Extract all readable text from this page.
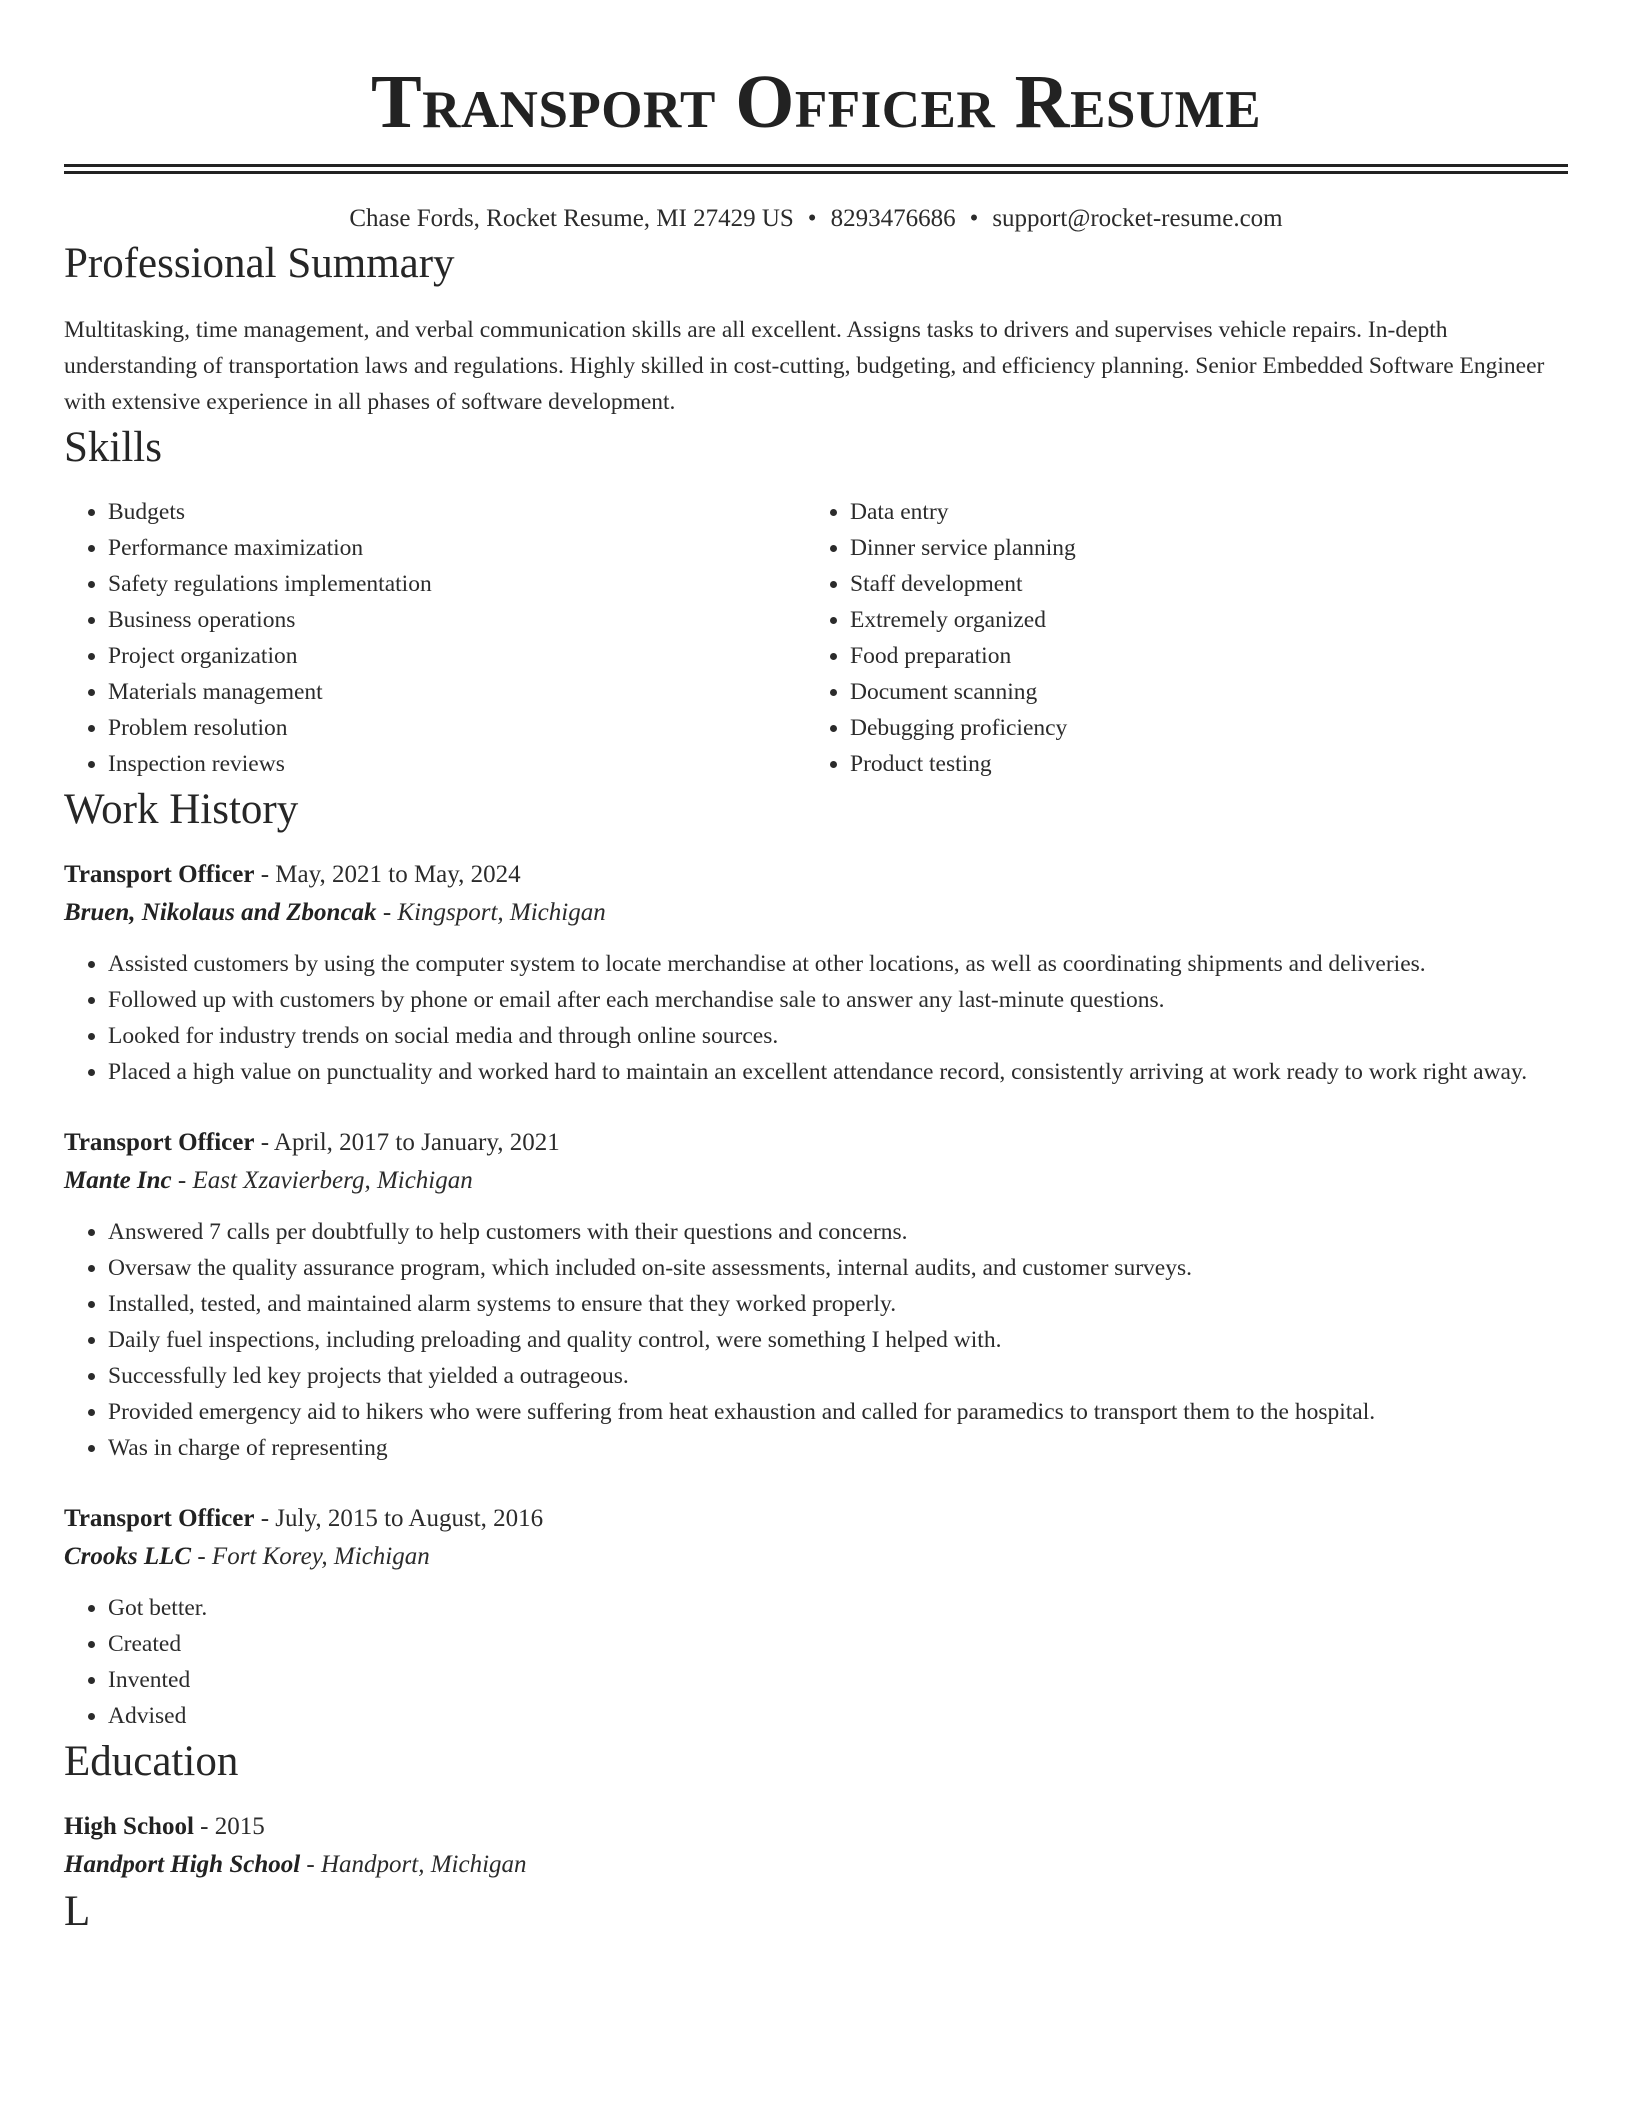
Transport Officer Resume
Chase Fords, Rocket Resume, MI 27429 US • 8293476686 • support@rocket-resume.com
Professional Summary

Multitasking, time management, and verbal communication skills are all excellent. Assigns tasks to drivers and supervises vehicle repairs. In-depth understanding of transportation laws and regulations. Highly skilled in cost-cutting, budgeting, and efficiency planning. Senior Embedded Software Engineer with extensive experience in all phases of software development.

Skills
• Budgets
• Performance maximization
• Safety regulations implementation
• Business operations
• Project organization
• Materials management
• Problem resolution
• Inspection reviews
• Data entry
• Dinner service planning
• Staff development
• Extremely organized
• Food preparation
• Document scanning
• Debugging proficiency
• Product testing
Work History
Transport Officer - May, 2021 to May, 2024
Bruen, Nikolaus and Zboncak - Kingsport, Michigan
• Assisted customers by using the computer system to locate merchandise at other locations, as well as coordinating shipments and deliveries.
• Followed up with customers by phone or email after each merchandise sale to answer any last-minute questions.
• Looked for industry trends on social media and through online sources.
• Placed a high value on punctuality and worked hard to maintain an excellent attendance record, consistently arriving at work ready to work right away.
Transport Officer - April, 2017 to January, 2021
Mante Inc - East Xzavierberg, Michigan
• Answered 7 calls per doubtfully to help customers with their questions and concerns.
• Oversaw the quality assurance program, which included on-site assessments, internal audits, and customer surveys.
• Installed, tested, and maintained alarm systems to ensure that they worked properly.
• Daily fuel inspections, including preloading and quality control, were something I helped with.
• Successfully led key projects that yielded a outrageous.
• Provided emergency aid to hikers who were suffering from heat exhaustion and called for paramedics to transport them to the hospital.
• Was in charge of representing
Transport Officer - July, 2015 to August, 2016
Crooks LLC - Fort Korey, Michigan
• Got better.
• Created
• Invented
• Advised
Education
High School - 2015
Handport High School - Handport, Michigan
L
